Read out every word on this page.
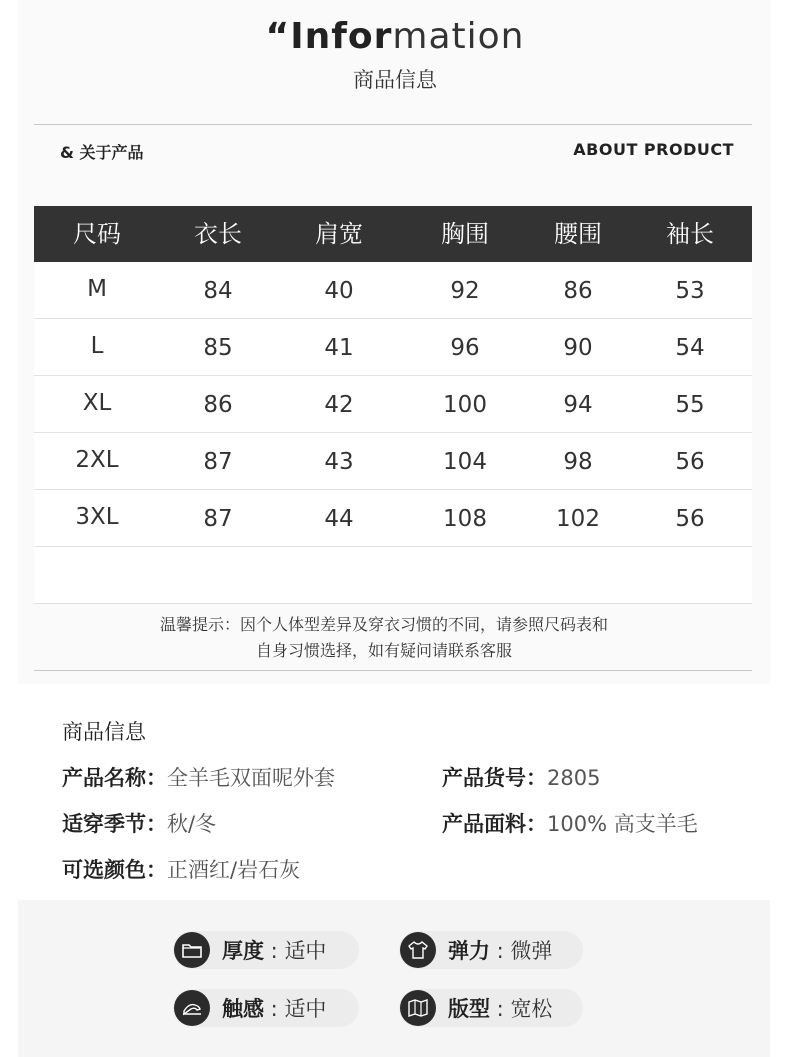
“Information
商品信息
& 关于产品	ABOUT PRODUCT
尺码	衣长	肩宽	胸围	腰围	袖长
M	84	40	92	86	53
L	85	41	96	90	54
XL	86	42	100	94	55
2XL	87	43	104	98	56
3XL	87	44	108	102	56
温馨提示：因个人体型差异及穿衣习惯的不同，请参照尺码表和
自身习惯选择，如有疑问请联系客服
商品信息
产品名称：全羊毛双面呢外套	产品货号：2805
适穿季节：秋/冬	产品面料：100% 高支羊毛
可选颜色：正酒红/岩石灰
厚度 : 适中	弹力 : 微弹
触感 : 适中	版型 : 宽松
